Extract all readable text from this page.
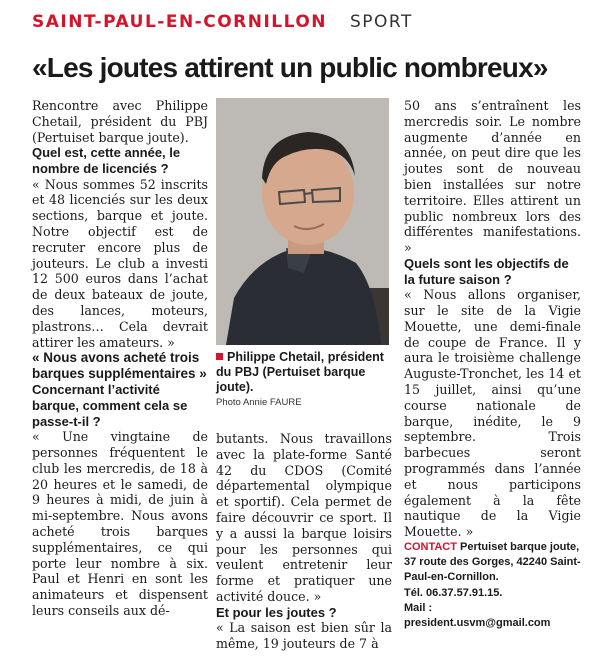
SAINT-PAUL-EN-CORNILLON SPORT
«Les joutes attirent un public nombreux»

Rencontre avec Philippe Chetail, président du PBJ (Pertuiset barque joute).

Quel est, cette année, le nombre de licenciés ?

« Nous sommes 52 inscrits et 48 licenciés sur les deux sections, barque et joute. Notre objectif est de recruter encore plus de jouteurs. Le club a investi 12 500 euros dans l’achat de deux bateaux de joute, des lances, moteurs, plastrons… Cela devrait attirer les amateurs. »

« Nous avons acheté trois barques supplémentaires »

Concernant l’activité barque, comment cela se passe-t-il ?

« Une vingtaine de personnes fréquentent le club les mercredis, de 18 à 20 heures et le samedi, de 9 heures à midi, de juin à mi-septembre. Nous avons acheté trois barques supplémentaires, ce qui porte leur nombre à six. Paul et Henri en sont les animateurs et dispensent leurs conseils aux dé-

Philippe Chetail, président du PBJ (Pertuiset barque joute).
Photo Annie FAURE

butants. Nous travaillons avec la plate-forme Santé 42 du CDOS (Comité départemental olympique et sportif). Cela permet de faire découvrir ce sport. Il y a aussi la barque loisirs pour les personnes qui veulent entretenir leur forme et pratiquer une activité douce. »

Et pour les joutes ?

« La saison est bien sûr la même, 19 jouteurs de 7 à

50 ans s’entraînent les mercredis soir. Le nombre augmente d’année en année, on peut dire que les joutes sont de nouveau bien installées sur notre territoire. Elles attirent un public nombreux lors des différentes manifestations. »

Quels sont les objectifs de la future saison ?

« Nous allons organiser, sur le site de la Vigie Mouette, une demi-finale de coupe de France. Il y aura le troisième challenge Auguste-Tronchet, les 14 et 15 juillet, ainsi qu’une course nationale de barque, inédite, le 9 septembre. Trois barbecues seront programmés dans l’année et nous participons également à la fête nautique de la Vigie Mouette. »

CONTACT Pertuiset barque joute, 37 route des Gorges, 42240 Saint-Paul-en-Cornillon.
Tél. 06.37.57.91.15.
Mail :
president.usvm@gmail.com
